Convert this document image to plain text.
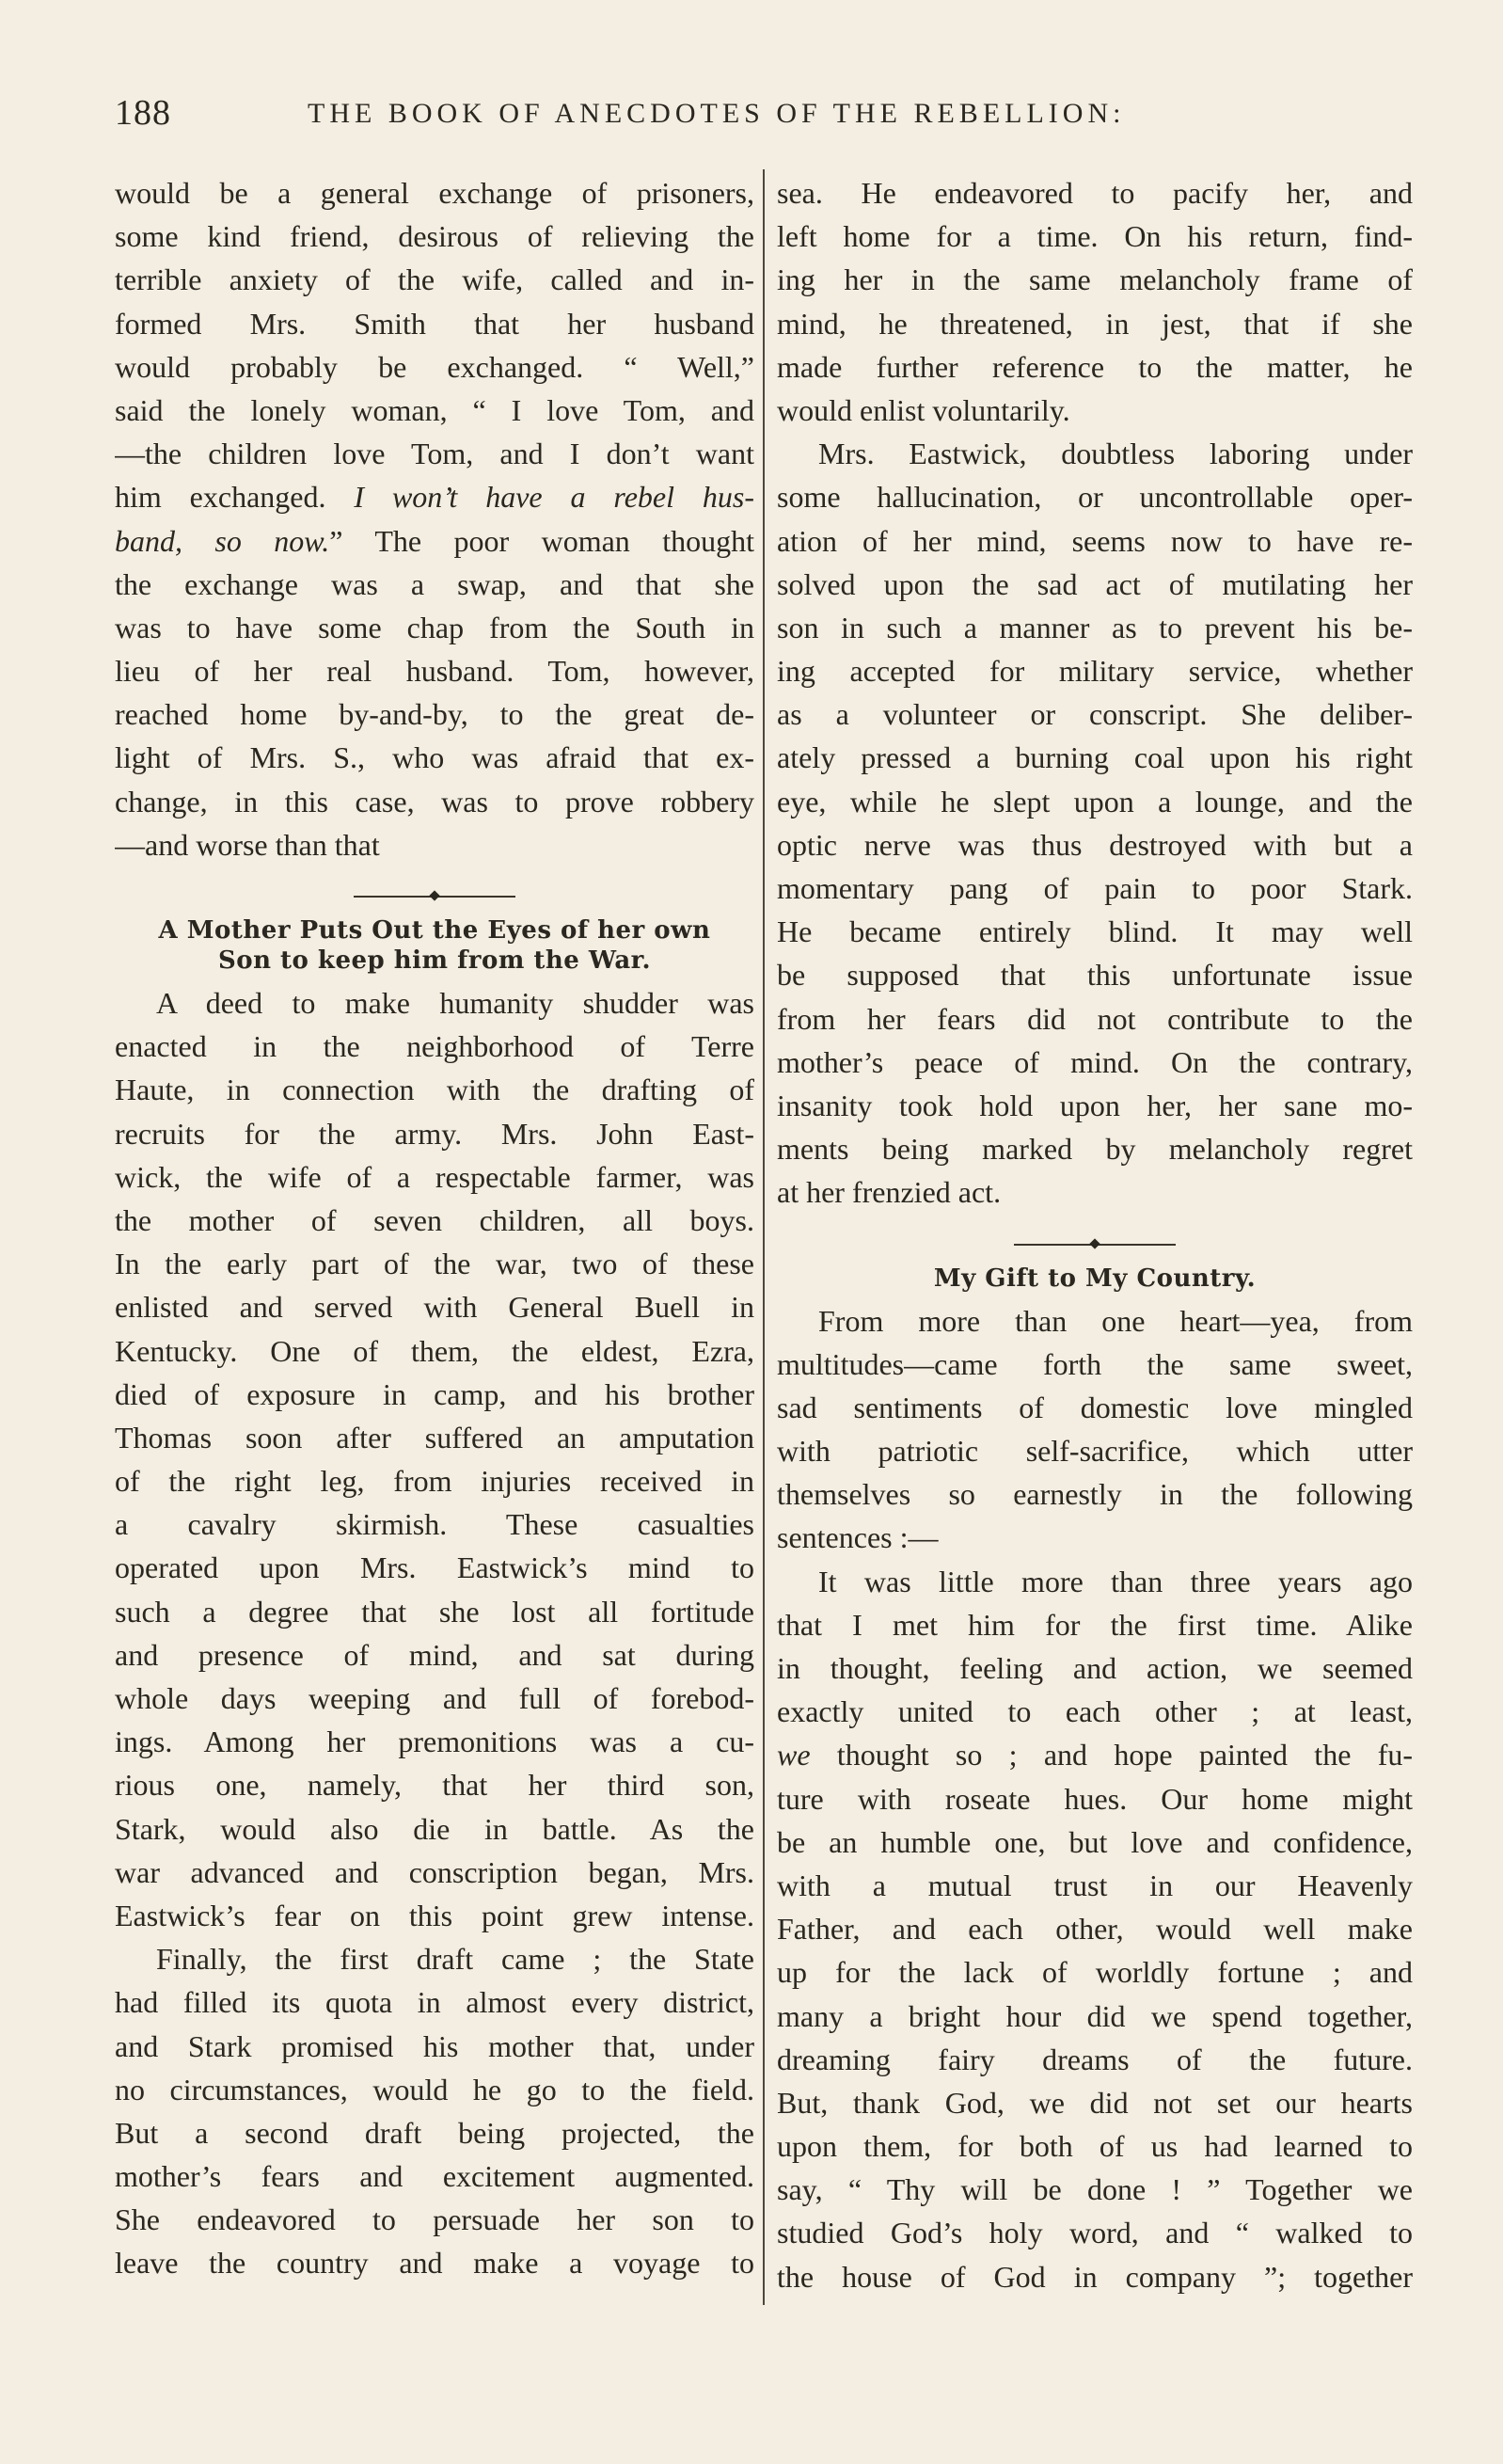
188	THE BOOK OF ANECDOTES OF THE REBELLION:
would be a general exchange of prisoners,
some kind friend, desirous of relieving the
terrible anxiety of the wife, called and in-
formed Mrs. Smith that her husband
would probably be exchanged. “ Well,”
said the lonely woman, “ I love Tom, and
—the children love Tom, and I don’t want
him exchanged. I won’t have a rebel hus-
band, so now.” The poor woman thought
the exchange was a swap, and that she
was to have some chap from the South in
lieu of her real husband. Tom, however,
reached home by-and-by, to the great de-
light of Mrs. S., who was afraid that ex-
change, in this case, was to prove robbery
—and worse than that
A Mother Puts Out the Eyes of her own
Son to keep him from the War.
A deed to make humanity shudder was
enacted in the neighborhood of Terre
Haute, in connection with the drafting of
recruits for the army. Mrs. John East-
wick, the wife of a respectable farmer, was
the mother of seven children, all boys.
In the early part of the war, two of these
enlisted and served with General Buell in
Kentucky. One of them, the eldest, Ezra,
died of exposure in camp, and his brother
Thomas soon after suffered an amputation
of the right leg, from injuries received in
a cavalry skirmish. These casualties
operated upon Mrs. Eastwick’s mind to
such a degree that she lost all fortitude
and presence of mind, and sat during
whole days weeping and full of forebod-
ings. Among her premonitions was a cu-
rious one, namely, that her third son,
Stark, would also die in battle. As the
war advanced and conscription began, Mrs.
Eastwick’s fear on this point grew intense.
Finally, the first draft came ; the State
had filled its quota in almost every district,
and Stark promised his mother that, under
no circumstances, would he go to the field.
But a second draft being projected, the
mother’s fears and excitement augmented.
She endeavored to persuade her son to
leave the country and make a voyage to
sea. He endeavored to pacify her, and
left home for a time. On his return, find-
ing her in the same melancholy frame of
mind, he threatened, in jest, that if she
made further reference to the matter, he
would enlist voluntarily.
Mrs. Eastwick, doubtless laboring under
some hallucination, or uncontrollable oper-
ation of her mind, seems now to have re-
solved upon the sad act of mutilating her
son in such a manner as to prevent his be-
ing accepted for military service, whether
as a volunteer or conscript. She deliber-
ately pressed a burning coal upon his right
eye, while he slept upon a lounge, and the
optic nerve was thus destroyed with but a
momentary pang of pain to poor Stark.
He became entirely blind. It may well
be supposed that this unfortunate issue
from her fears did not contribute to the
mother’s peace of mind. On the contrary,
insanity took hold upon her, her sane mo-
ments being marked by melancholy regret
at her frenzied act.
My Gift to My Country.
From more than one heart—yea, from
multitudes—came forth the same sweet,
sad sentiments of domestic love mingled
with patriotic self-sacrifice, which utter
themselves so earnestly in the following
sentences :—
It was little more than three years ago
that I met him for the first time. Alike
in thought, feeling and action, we seemed
exactly united to each other ; at least,
we thought so ; and hope painted the fu-
ture with roseate hues. Our home might
be an humble one, but love and confidence,
with a mutual trust in our Heavenly
Father, and each other, would well make
up for the lack of worldly fortune ; and
many a bright hour did we spend together,
dreaming fairy dreams of the future.
But, thank God, we did not set our hearts
upon them, for both of us had learned to
say, “ Thy will be done ! ” Together we
studied God’s holy word, and “ walked to
the house of God in company ”; together
